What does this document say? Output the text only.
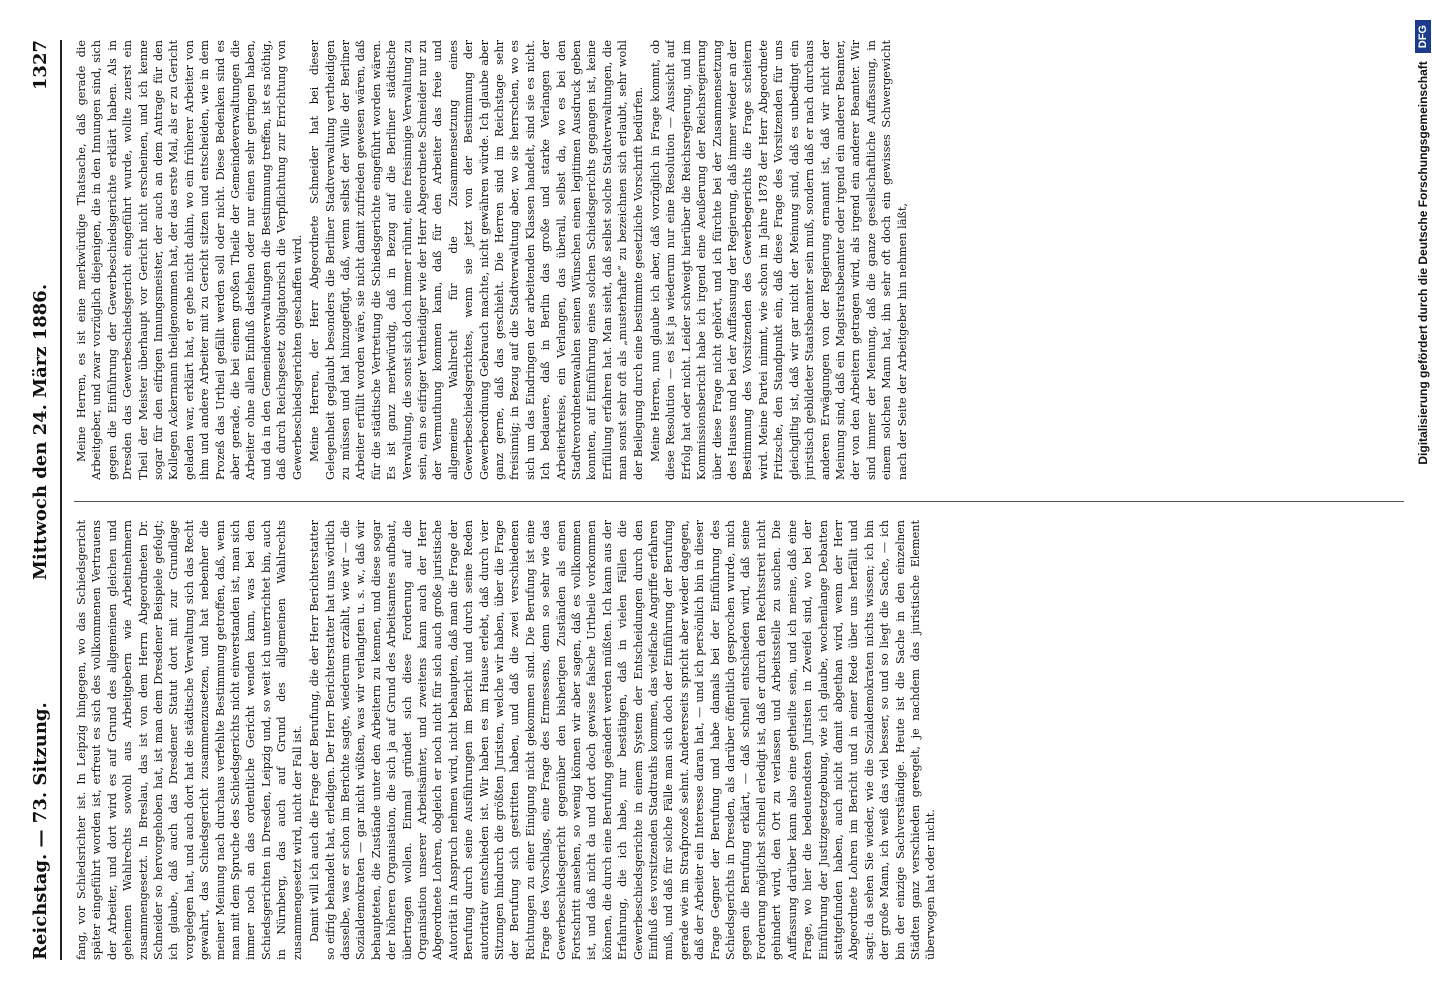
Reichstag. — 73. Sitzung.
Mittwoch den 24. März 1886.
1327

fang, vor Schiedsrichter ist. In Leipzig hingegen, wo das Schiedsgericht später eingeführt worden ist, erfreut es sich des vollkommenen Vertrauens der Arbeiter, und dort wird es auf Grund des allgemeinen gleichen und geheimen Wahlrechts sowohl aus Arbeitgebern wie Arbeitnehmern zusammengesetzt. In Breslau, das ist von dem Herrn Abgeordneten Dr. Schneider so hervorgehoben hat, ist man dem Dresdener Beispiele gefolgt; ich glaube, daß auch das Dresdener Statut dort mit zur Grundlage vorgelegen hat, und auch dort hat die städtische Verwaltung sich das Recht gewahrt, das Schiedsgericht zusammenzusetzen, und hat nebenher die meiner Meinung nach durchaus verfehlte Bestimmung getroffen, daß, wenn man mit dem Spruche des Schiedsgerichts nicht einverstanden ist, man sich immer noch an das ordentliche Gericht wenden kann, was bei den Schiedsgerichten in Dresden, Leipzig und, so weit ich unterrichtet bin, auch in Nürnberg, das auch auf Grund des allgemeinen Wahlrechts zusammengesetzt wird, nicht der Fall ist. Damit will ich auch die Frage der Berufung, die der Herr Berichterstatter so eifrig behandelt hat, erledigen. Der Herr Berichterstatter hat uns wörtlich dasselbe, was er schon im Berichte sagte, wiederum erzählt, wie wir — die Sozialdemokraten — gar nicht wüßten, was wir verlangten u. s. w., daß wir behaupteten, die Zustände unter den Arbeitern zu kennen, und diese sogar der höheren Organisation, die sich ja auf Grund des Arbeitsamtes aufbaut, übertragen wollen. Einmal gründet sich diese Forderung auf die Organisation unserer Arbeitsämter, und zweitens kann auch der Herr Abgeordnete Lohren, obgleich er noch nicht für sich auch große juristische Autorität in Anspruch nehmen wird, nicht behaupten, daß man die Frage der Berufung durch seine Ausführungen im Bericht und durch seine Reden autoritativ entschieden ist. Wir haben es im Hause erlebt, daß durch vier Sitzungen hindurch die größten Juristen, welche wir haben, über die Frage der Berufung sich gestritten haben, und daß die zwei verschiedenen Richtungen zu einer Einigung nicht gekommen sind. Die Berufung ist eine Frage des Vorschlags, eine Frage des Ermessens, denn so sehr wie das Gewerbeschiedsgericht gegenüber den bisherigen Zuständen als einen Fortschritt ansehen, so wenig können wir aber sagen, daß es vollkommen ist, und daß nicht da und dort doch gewisse falsche Urtheile vorkommen können, die durch eine Berufung geändert werden müßten. Ich kann aus der Erfahrung, die ich habe, nur bestätigen, daß in vielen Fällen die Gewerbeschiedsgerichte in einem System der Entscheidungen durch den Einfluß des vorsitzenden Stadtraths kommen, das vielfache Angriffe erfahren muß, und daß für solche Fälle man sich doch der Einführung der Berufung gerade wie im Strafprozeß sehnt. Andererseits spricht aber wieder dagegen, daß der Arbeiter ein Interesse daran hat, — und ich persönlich bin in dieser Frage Gegner der Berufung und habe damals bei der Einführung des Schiedsgerichts in Dresden, als darüber öffentlich gesprochen wurde, mich gegen die Berufung erklärt, — daß schnell entschieden wird, daß seine Forderung möglichst schnell erledigt ist, daß er durch den Rechtsstreit nicht gehindert wird, den Ort zu verlassen und Arbeitsstelle zu suchen. Die Auffassung darüber kann also eine getheilte sein, und ich meine, daß eine Frage, wo hier die bedeutendsten Juristen in Zweifel sind, wo bei der Einführung der Justizgesetzgebung, wie ich glaube, wochenlange Debatten stattgefunden haben, auch nicht damit abgethan wird, wenn der Herr Abgeordnete Lohren im Bericht und in einer Rede über uns herfällt und sagt: da sehen Sie wieder, wie die Sozialdemokraten nichts wissen; ich bin der große Mann, ich weiß das viel besser, so und so liegt die Sache, — ich bin der einzige Sachverständige. Heute ist die Sache in den einzelnen Städten ganz verschieden geregelt, je nachdem das juristische Element überwogen hat oder nicht.

Meine Herren, es ist eine merkwürdige Thatsache, daß gerade die Arbeitgeber, und zwar vorzüglich diejenigen, die in den Innungen sind, sich gegen die Einführung der Gewerbeschiedsgerichte erklärt haben. Als in Dresden das Gewerbeschiedsgericht eingeführt wurde, wollte zuerst ein Theil der Meister überhaupt vor Gericht nicht erscheinen, und ich kenne sogar für den eifrigen Innungsmeister, der auch an dem Antrage für den Kollegen Ackermann theilgenommen hat, der das erste Mal, als er zu Gericht geladen war, erklärt hat, er gehe nicht dahin, wo ein früherer Arbeiter von ihm und andere Arbeiter mit zu Gericht sitzen und entscheiden, wie in dem Prozeß das Urtheil gefällt werden soll oder nicht. Diese Bedenken sind es aber gerade, die bei einem großen Theile der Gemeindeverwaltungen die Arbeiter ohne allen Einfluß dastehen oder nur einen sehr geringen haben, und da in den Gemeindeverwaltungen die Bestimmung treffen, ist es nöthig, daß durch Reichsgesetz obligatorisch die Verpflichtung zur Errichtung von Gewerbeschiedsgerichten geschaffen wird. Meine Herren, der Herr Abgeordnete Schneider hat bei dieser Gelegenheit geglaubt besonders die Berliner Stadtverwaltung vertheidigen zu müssen und hat hinzugefügt, daß, wenn selbst der Wille der Berliner Arbeiter erfüllt worden wäre, sie nicht damit zufrieden gewesen wären, daß für die städtische Vertretung die Schiedsgerichte eingeführt worden wären. Es ist ganz merkwürdig, daß in Bezug auf die Berliner städtische Verwaltung, die sonst sich doch immer rühmt, eine freisinnige Verwaltung zu sein, ein so eifriger Vertheidiger wie der Herr Abgeordnete Schneider nur zu der Vermuthung kommen kann, daß für den Arbeiter das freie und allgemeine Wahlrecht für die Zusammensetzung eines Gewerbeschiedsgerichtes, wenn sie jetzt von der Bestimmung der Gewerbeordnung Gebrauch machte, nicht gewähren würde. Ich glaube aber ganz gerne, daß das geschieht. Die Herren sind im Reichstage sehr freisinnig; in Bezug auf die Stadtverwaltung aber, wo sie herrschen, wo es sich um das Eindringen der arbeitenden Klassen handelt, sind sie es nicht. Ich bedauere, daß in Berlin das große und starke Verlangen der Arbeiterkreise, ein Verlangen, das überall, selbst da, wo es bei den Stadtverordnetenwahlen seinen Wünschen einen legitimen Ausdruck geben konnten, auf Einführung eines solchen Schiedsgerichts gegangen ist, keine Erfüllung erfahren hat. Man sieht, daß selbst solche Stadtverwaltungen, die man sonst sehr oft als „musterhafte“ zu bezeichnen sich erlaubt, sehr wohl der Beilegung durch eine bestimmte gesetzliche Vorschrift bedürfen. Meine Herren, nun glaube ich aber, daß vorzüglich in Frage kommt, ob diese Resolution — es ist ja wiederum nur eine Resolution — Aussicht auf Erfolg hat oder nicht. Leider schweigt hierüber die Reichsregierung, und im Kommissionsbericht habe ich irgend eine Aeußerung der Reichsregierung über diese Frage nicht gehört, und ich fürchte bei der Zusammensetzung des Hauses und bei der Auffassung der Regierung, daß immer wieder an der Bestimmung des Vorsitzenden des Gewerbegerichts die Frage scheitern wird. Meine Partei nimmt, wie schon im Jahre 1878 der Herr Abgeordnete Fritzsche, den Standpunkt ein, daß diese Frage des Vorsitzenden für uns gleichgiltig ist, daß wir gar nicht der Meinung sind, daß es unbedingt ein juristisch gebildeter Staatsbeamter sein muß, sondern daß er nach durchaus anderen Erwägungen von der Regierung ernannt ist, daß wir nicht der Meinung sind, daß ein Magistratsbeamter oder irgend ein anderer Beamter, der von den Arbeitern getragen wird, als irgend ein anderer Beamter. Wir sind immer der Meinung, daß die ganze gesellschaftliche Auffassung, in einem solchen Mann hat, ihn sehr oft doch ein gewisses Schwergewicht nach der Seite der Arbeitgeber hin nehmen läßt,	Digitalisierung gefördert durch die Deutsche Forschungsgemeinschaft
DFG
